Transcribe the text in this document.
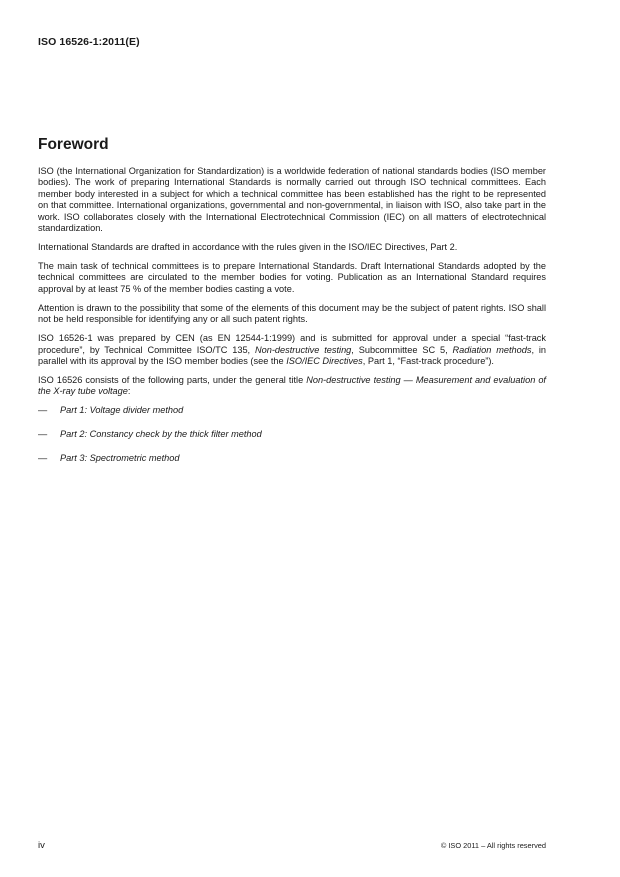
ISO 16526-1:2011(E)
Foreword

ISO (the International Organization for Standardization) is a worldwide federation of national standards bodies (ISO member bodies). The work of preparing International Standards is normally carried out through ISO technical committees. Each member body interested in a subject for which a technical committee has been established has the right to be represented on that committee. International organizations, governmental and non-governmental, in liaison with ISO, also take part in the work. ISO collaborates closely with the International Electrotechnical Commission (IEC) on all matters of electrotechnical standardization.

International Standards are drafted in accordance with the rules given in the ISO/IEC Directives, Part 2.

The main task of technical committees is to prepare International Standards. Draft International Standards adopted by the technical committees are circulated to the member bodies for voting. Publication as an International Standard requires approval by at least 75 % of the member bodies casting a vote.

Attention is drawn to the possibility that some of the elements of this document may be the subject of patent rights. ISO shall not be held responsible for identifying any or all such patent rights.

ISO 16526-1 was prepared by CEN (as EN 12544-1:1999) and is submitted for approval under a special “fast-track procedure”, by Technical Committee ISO/TC 135, Non-destructive testing, Subcommittee SC 5, Radiation methods, in parallel with its approval by the ISO member bodies (see the ISO/IEC Directives, Part 1, “Fast-track procedure”).

ISO 16526 consists of the following parts, under the general title Non-destructive testing — Measurement and evaluation of the X-ray tube voltage:

—	Part 1: Voltage divider method
—	Part 2: Constancy check by the thick filter method
—	Part 3: Spectrometric method
iv	© ISO 2011 – All rights reserved
